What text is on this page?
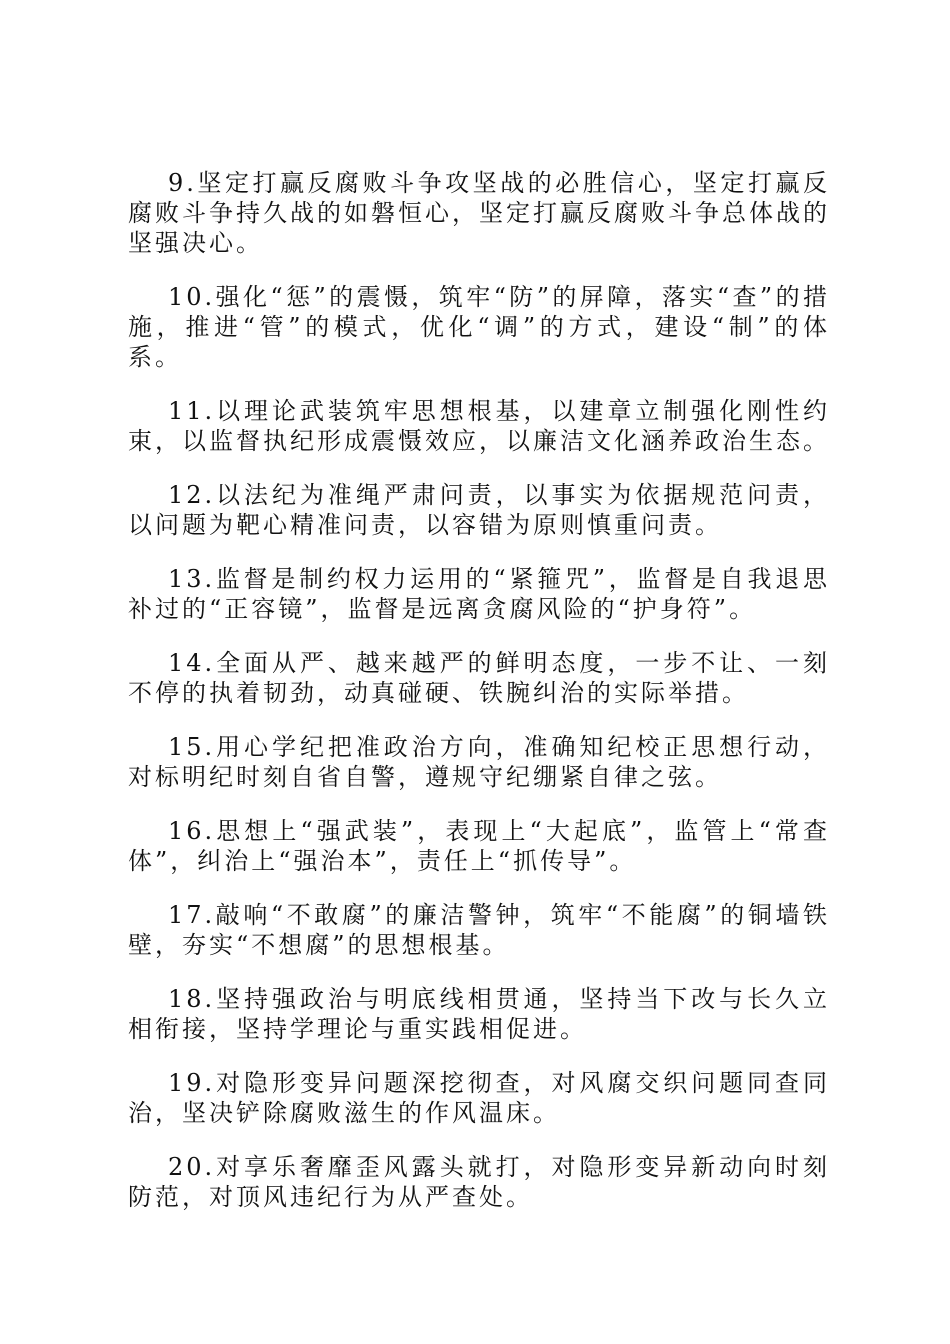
9.坚定打赢反腐败斗争攻坚战的必胜信心，坚定打赢反腐败斗争持久战的如磐恒心，坚定打赢反腐败斗争总体战的坚强决心。

10.强化“惩”的震慑，筑牢“防”的屏障，落实“查”的措施，推进“管”的模式，优化“调”的方式，建设“制”的体系。

11.以理论武装筑牢思想根基，以建章立制强化刚性约束，以监督执纪形成震慑效应，以廉洁文化涵养政治生态。

12.以法纪为准绳严肃问责，以事实为依据规范问责，以问题为靶心精准问责，以容错为原则慎重问责。

13.监督是制约权力运用的“紧箍咒”，监督是自我退思补过的“正容镜”，监督是远离贪腐风险的“护身符”。

14.全面从严、越来越严的鲜明态度，一步不让、一刻不停的执着韧劲，动真碰硬、铁腕纠治的实际举措。

15.用心学纪把准政治方向，准确知纪校正思想行动，对标明纪时刻自省自警，遵规守纪绷紧自律之弦。

16.思想上“强武装”，表现上“大起底”，监管上“常查体”，纠治上“强治本”，责任上“抓传导”。

17.敲响“不敢腐”的廉洁警钟，筑牢“不能腐”的铜墙铁壁，夯实“不想腐”的思想根基。

18.坚持强政治与明底线相贯通，坚持当下改与长久立相衔接，坚持学理论与重实践相促进。

19.对隐形变异问题深挖彻查，对风腐交织问题同查同治，坚决铲除腐败滋生的作风温床。

20.对享乐奢靡歪风露头就打，对隐形变异新动向时刻防范，对顶风违纪行为从严查处。
